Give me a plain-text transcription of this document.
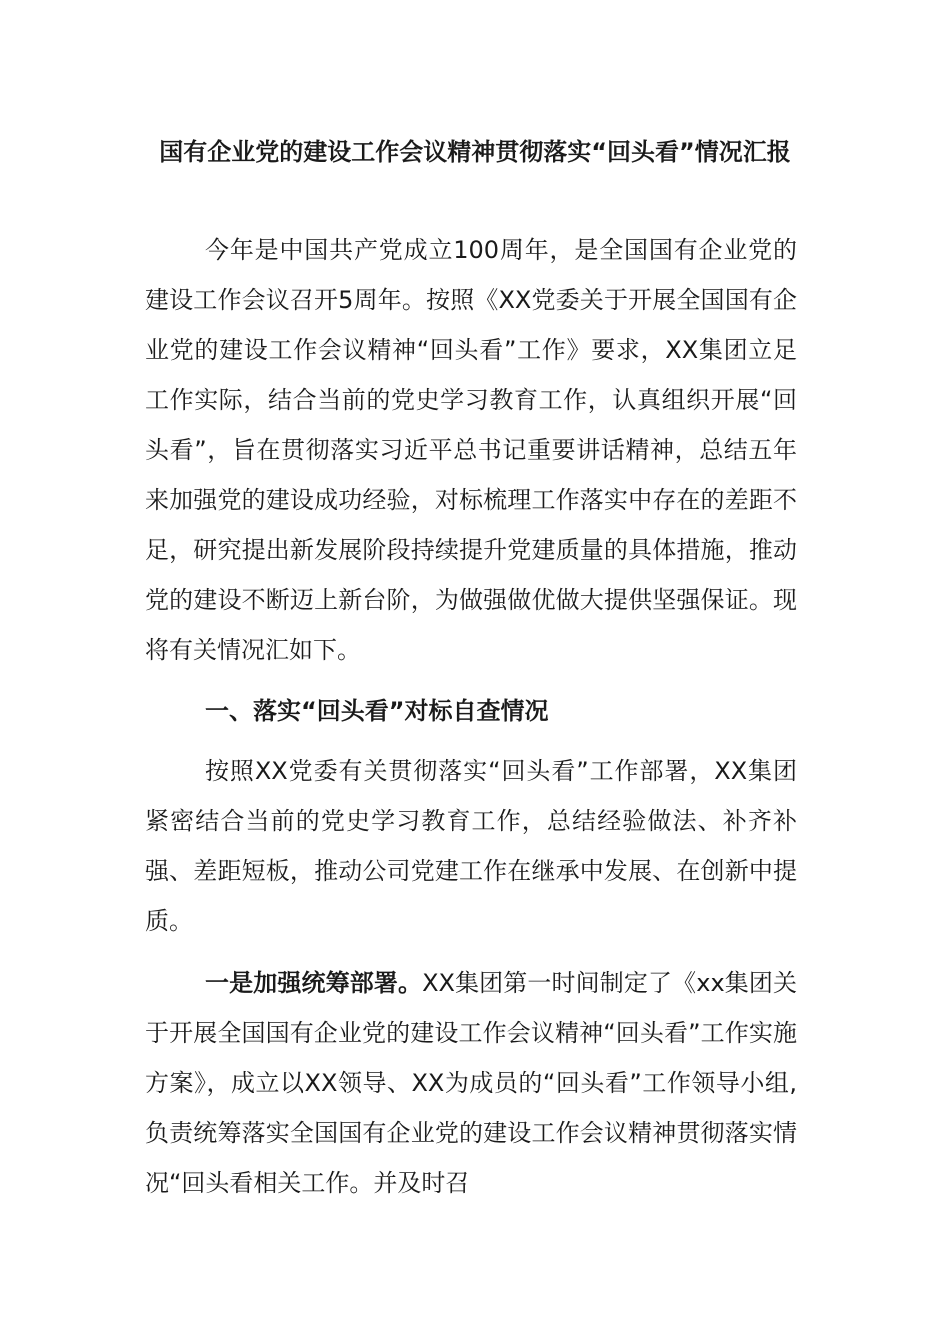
国有企业党的建设工作会议精神贯彻落实“回头看”情况汇报

今年是中国共产党成立100周年，是全国国有企业党的建设工作会议召开5周年。按照《XX党委关于开展全国国有企业党的建设工作会议精神“回头看”工作》要求，XX集团立足工作实际，结合当前的党史学习教育工作，认真组织开展“回头看”，旨在贯彻落实习近平总书记重要讲话精神，总结五年来加强党的建设成功经验，对标梳理工作落实中存在的差距不足，研究提出新发展阶段持续提升党建质量的具体措施，推动党的建设不断迈上新台阶，为做强做优做大提供坚强保证。现将有关情况汇如下。

一、落实“回头看”对标自查情况

按照XX党委有关贯彻落实“回头看”工作部署，XX集团紧密结合当前的党史学习教育工作，总结经验做法、补齐补强、差距短板，推动公司党建工作在继承中发展、在创新中提质。

一是加强统筹部署。XX集团第一时间制定了《xx集团关于开展全国国有企业党的建设工作会议精神“回头看”工作实施方案》，成立以XX领导、XX为成员的“回头看”工作领导小组,负责统筹落实全国国有企业党的建设工作会议精神贯彻落实情况“回头看相关工作。并及时召
